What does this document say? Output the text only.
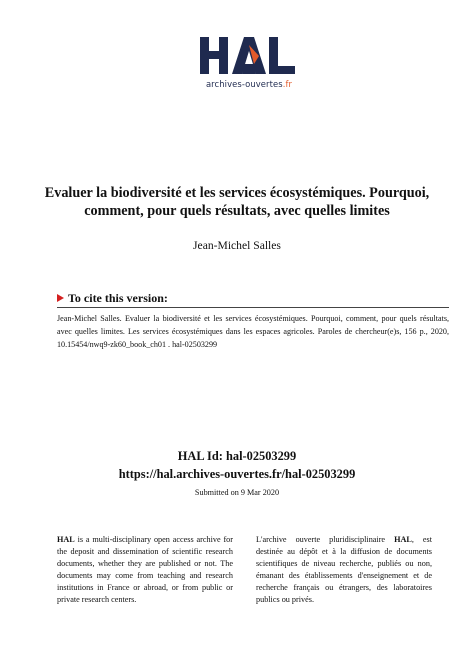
archives-ouvertes.fr
Evaluer la biodiversité et les services écosystémiques. Pourquoi, comment, pour quels résultats, avec quelles limites
Jean-Michel Salles
To cite this version:
Jean-Michel Salles. Evaluer la biodiversité et les services écosystémiques. Pourquoi, comment, pour quels résultats, avec quelles limites. Les services écosystémiques dans les espaces agricoles. Paroles de chercheur(e)s, 156 p., 2020, 10.15454/nwq9-zk60_book_ch01 . hal-02503299
HAL Id: hal-02503299
https://hal.archives-ouvertes.fr/hal-02503299
Submitted on 9 Mar 2020
HAL is a multi-disciplinary open access archive for the deposit and dissemination of scientific research documents, whether they are published or not. The documents may come from teaching and research institutions in France or abroad, or from public or private research centers.
L'archive ouverte pluridisciplinaire HAL, est destinée au dépôt et à la diffusion de documents scientifiques de niveau recherche, publiés ou non, émanant des établissements d'enseignement et de recherche français ou étrangers, des laboratoires publics ou privés.
